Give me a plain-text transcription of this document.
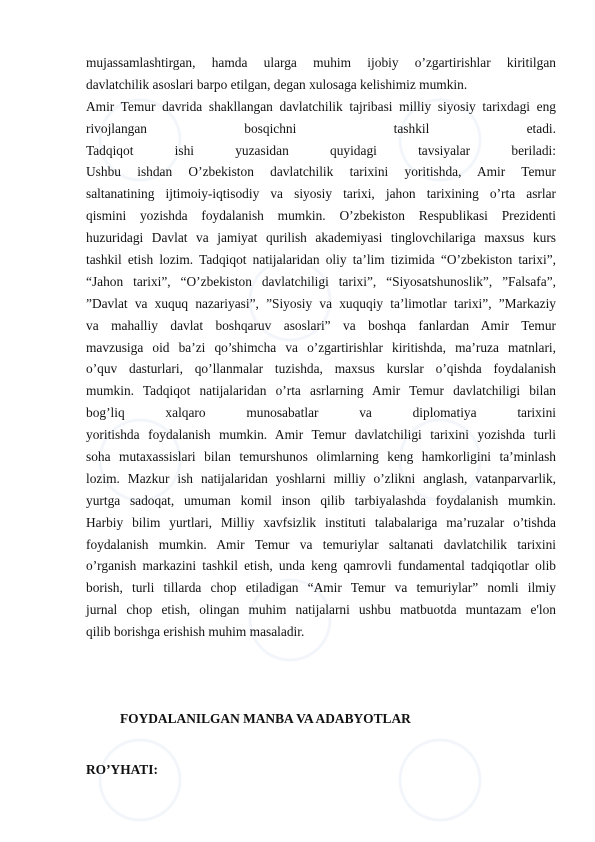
mujassamlashtirgan, hamda ularga muhim ijobiy o’zgartirishlar kiritilgan
davlatchilik asoslari barpo etilgan, degan xulosaga kelishimiz mumkin.
Amir Temur davrida shakllangan davlatchilik tajribasi milliy siyosiy tarixdagi eng
rivojlangan bosqichni tashkil etadi.
Tadqiqot ishi yuzasidan quyidagi tavsiyalar beriladi:
Ushbu ishdan O’zbekiston davlatchilik tarixini yoritishda, Amir Temur
saltanatining ijtimoiy-iqtisodiy va siyosiy tarixi, jahon tarixining o’rta asrlar
qismini yozishda foydalanish mumkin. O’zbekiston Respublikasi Prezidenti
huzuridagi Davlat va jamiyat qurilish akademiyasi tinglovchilariga maxsus kurs
tashkil etish lozim. Tadqiqot natijalaridan oliy ta’lim tizimida “O’zbekiston tarixi”,
“Jahon tarixi”, “O’zbekiston davlatchiligi tarixi”, “Siyosatshunoslik”, ”Falsafa”,
”Davlat va xuquq nazariyasi”, ”Siyosiy va xuquqiy ta’limotlar tarixi”, ”Markaziy
va mahalliy davlat boshqaruv asoslari” va boshqa fanlardan Amir Temur
mavzusiga oid ba’zi qo’shimcha va o’zgartirishlar kiritishda, ma’ruza matnlari,
o’quv dasturlari, qo’llanmalar tuzishda, maxsus kurslar o’qishda foydalanish
mumkin. Tadqiqot natijalaridan o’rta asrlarning Amir Temur davlatchiligi bilan
bog’liq xalqaro munosabatlar va diplomatiya tarixini
yoritishda foydalanish mumkin. Amir Temur davlatchiligi tarixini yozishda turli
soha mutaxassislari bilan temurshunos olimlarning keng hamkorligini ta’minlash
lozim. Mazkur ish natijalaridan yoshlarni milliy o’zlikni anglash, vatanparvarlik,
yurtga sadoqat, umuman komil inson qilib tarbiyalashda foydalanish mumkin.
Harbiy bilim yurtlari, Milliy xavfsizlik instituti talabalariga ma’ruzalar o’tishda
foydalanish mumkin. Amir Temur va temuriylar saltanati davlatchilik tarixini
o’rganish markazini tashkil etish, unda keng qamrovli fundamental tadqiqotlar olib
borish, turli tillarda chop etiladigan “Amir Temur va temuriylar” nomli ilmiy
jurnal chop etish, olingan muhim natijalarni ushbu matbuotda muntazam e'lon
qilib borishga erishish muhim masaladir.
FOYDALANILGAN MANBA VA ADABYOTLAR
RO’YHATI:
